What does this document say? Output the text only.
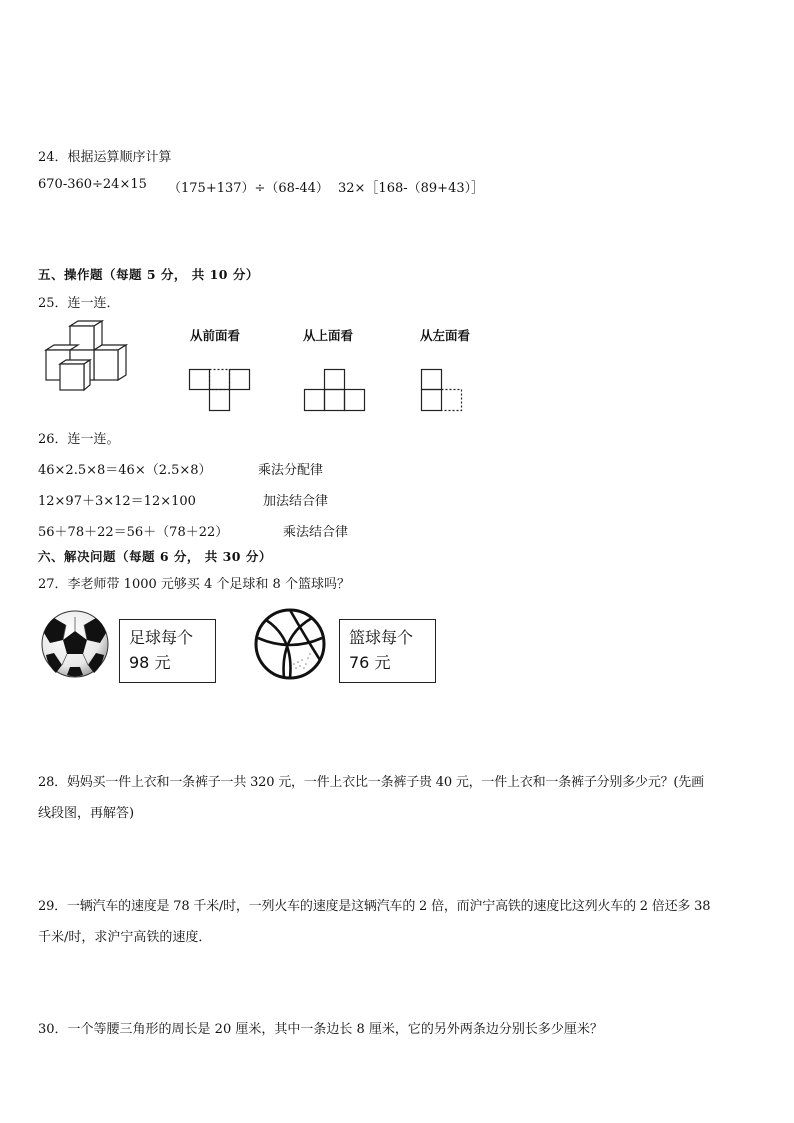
24．根据运算顺序计算
670-360÷24×15 （175+137）÷（68-44） 32×［168-（89+43）］
五、操作题（每题 5 分， 共 10 分）
25．连一连．
从前面看	从上面看	从左面看
26．连一连。
46×2.5×8＝46×（2.5×8）
12×97＋3×12＝12×100
56＋78＋22＝56＋（78＋22）
乘法分配律
加法结合律
乘法结合律
六、解决问题（每题 6 分， 共 30 分）
27．李老师带 1000 元够买 4 个足球和 8 个篮球吗？
足球每个
98 元
篮球每个
76 元
28．妈妈买一件上衣和一条裤子一共 320 元，一件上衣比一条裤子贵 40 元，一件上衣和一条裤子分别多少元？(先画
线段图，再解答)
29．一辆汽车的速度是 78 千米/时，一列火车的速度是这辆汽车的 2 倍，而沪宁高铁的速度比这列火车的 2 倍还多 38
千米/时，求沪宁高铁的速度．
30．一个等腰三角形的周长是 20 厘米，其中一条边长 8 厘米，它的另外两条边分别长多少厘米？
